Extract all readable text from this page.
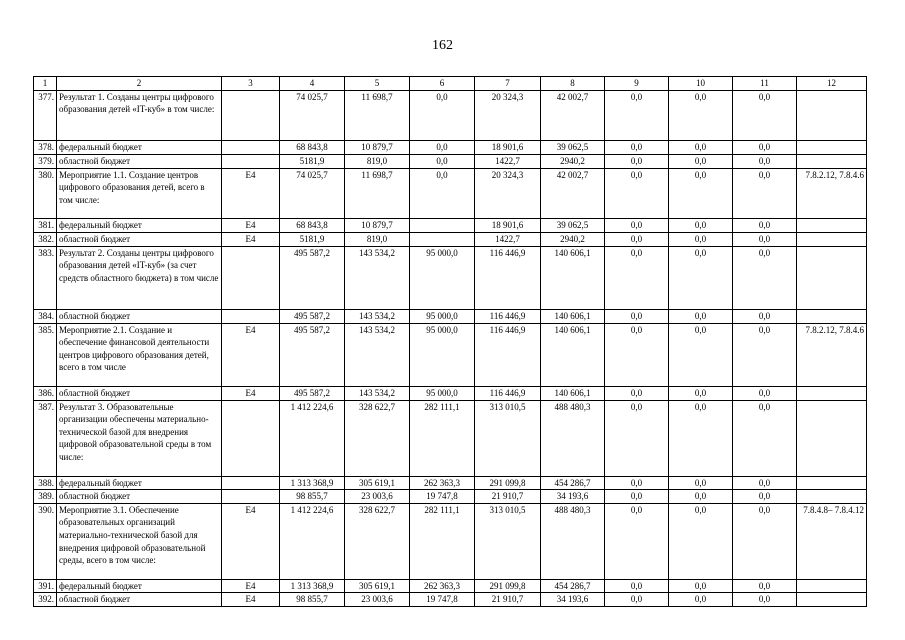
162
1	2	3	4	5	6	7	8	9	10	11	12
377.	Результат 1. Созданы центры цифрового образования детей «IT-куб» в том числе:		74 025,7	11 698,7	0,0	20 324,3	42 002,7	0,0	0,0	0,0	
378.	федеральный бюджет		68 843,8	10 879,7	0,0	18 901,6	39 062,5	0,0	0,0	0,0	
379.	областной бюджет		5181,9	819,0	0,0	1422,7	2940,2	0,0	0,0	0,0	
380.	Мероприятие 1.1. Создание центров цифрового образования детей, всего в том числе:	Е4	74 025,7	11 698,7	0,0	20 324,3	42 002,7	0,0	0,0	0,0	7.8.2.12, 7.8.4.6
381.	федеральный бюджет	Е4	68 843,8	10 879,7		18 901,6	39 062,5	0,0	0,0	0,0	
382.	областной бюджет	Е4	5181,9	819,0		1422,7	2940,2	0,0	0,0	0,0	
383.	Результат 2. Созданы центры цифрового образования детей «IT-куб» (за счет средств областного бюджета) в том числе		495 587,2	143 534,2	95 000,0	116 446,9	140 606,1	0,0	0,0	0,0	
384.	областной бюджет		495 587,2	143 534,2	95 000,0	116 446,9	140 606,1	0,0	0,0	0,0	
385.	Мероприятие 2.1. Создание и обеспечение финансовой деятельности центров цифрового образования детей, всего в том числе	Е4	495 587,2	143 534,2	95 000,0	116 446,9	140 606,1	0,0	0,0	0,0	7.8.2.12, 7.8.4.6
386.	областной бюджет	Е4	495 587,2	143 534,2	95 000,0	116 446,9	140 606,1	0,0	0,0	0,0	
387.	Результат 3. Образовательные организации обеспечены материально-технической базой для внедрения цифровой образовательной среды в том числе:		1 412 224,6	328 622,7	282 111,1	313 010,5	488 480,3	0,0	0,0	0,0	
388.	федеральный бюджет		1 313 368,9	305 619,1	262 363,3	291 099,8	454 286,7	0,0	0,0	0,0	
389.	областной бюджет		98 855,7	23 003,6	19 747,8	21 910,7	34 193,6	0,0	0,0	0,0	
390.	Мероприятие 3.1. Обеспечение образовательных организаций материально-технической базой для внедрения цифровой образовательной среды, всего в том числе:	Е4	1 412 224,6	328 622,7	282 111,1	313 010,5	488 480,3	0,0	0,0	0,0	7.8.4.8– 7.8.4.12
391.	федеральный бюджет	Е4	1 313 368,9	305 619,1	262 363,3	291 099,8	454 286,7	0,0	0,0	0,0	
392.	областной бюджет	Е4	98 855,7	23 003,6	19 747,8	21 910,7	34 193,6	0,0	0,0	0,0	
